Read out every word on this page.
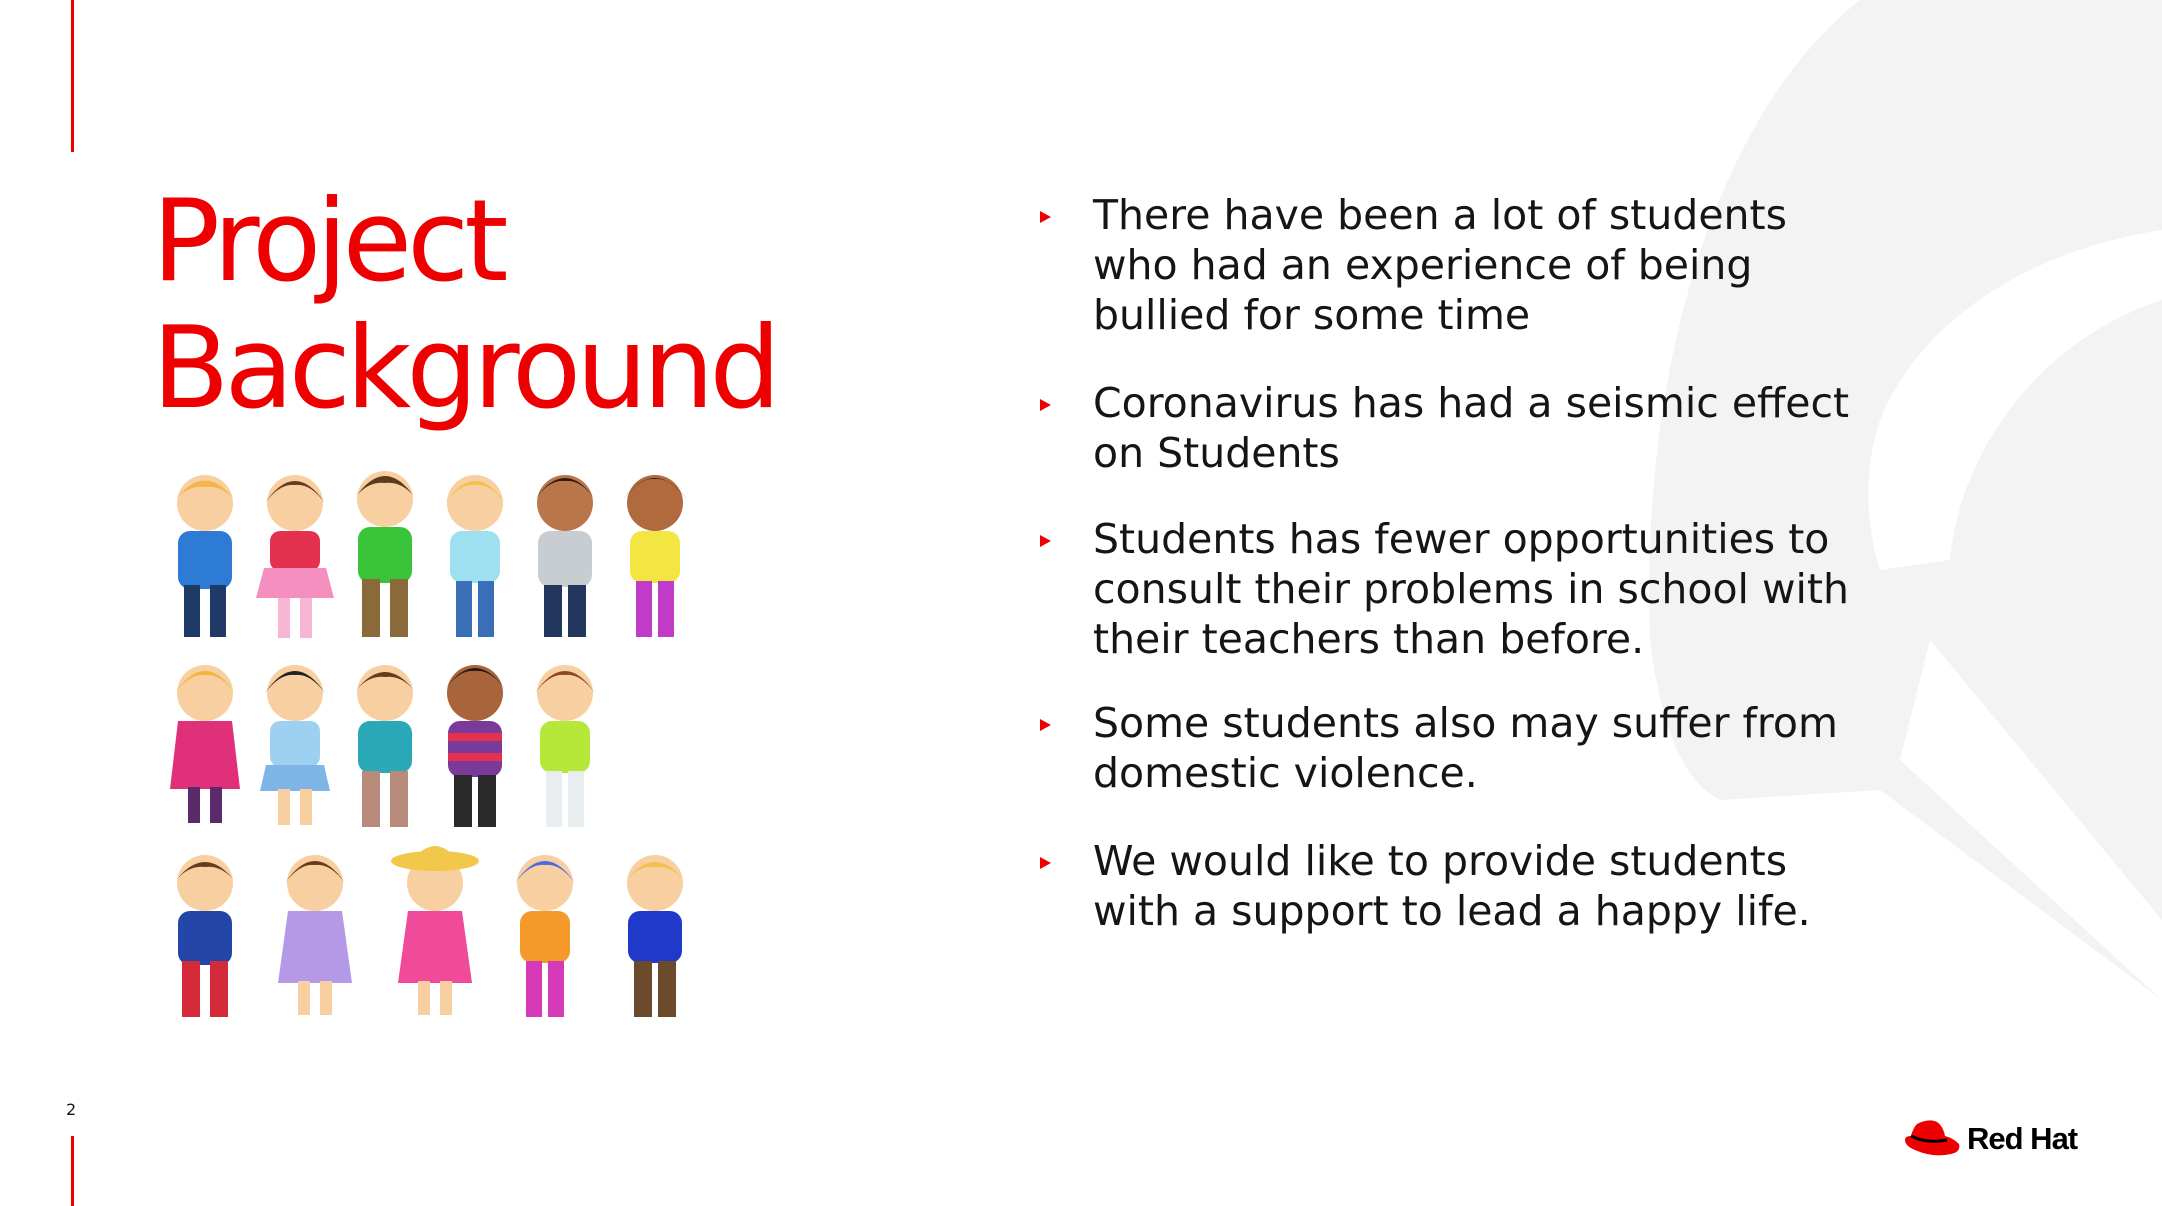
Project
Background
There have been a lot of students
who had an experience of being
bullied for some time
Coronavirus has had a seismic effect
on Students
Students has fewer opportunities to
consult their problems in school with
their teachers than before.
Some students also may suffer from
domestic violence.
We would like to provide students
with a support to lead a happy life.
2
Red Hat
